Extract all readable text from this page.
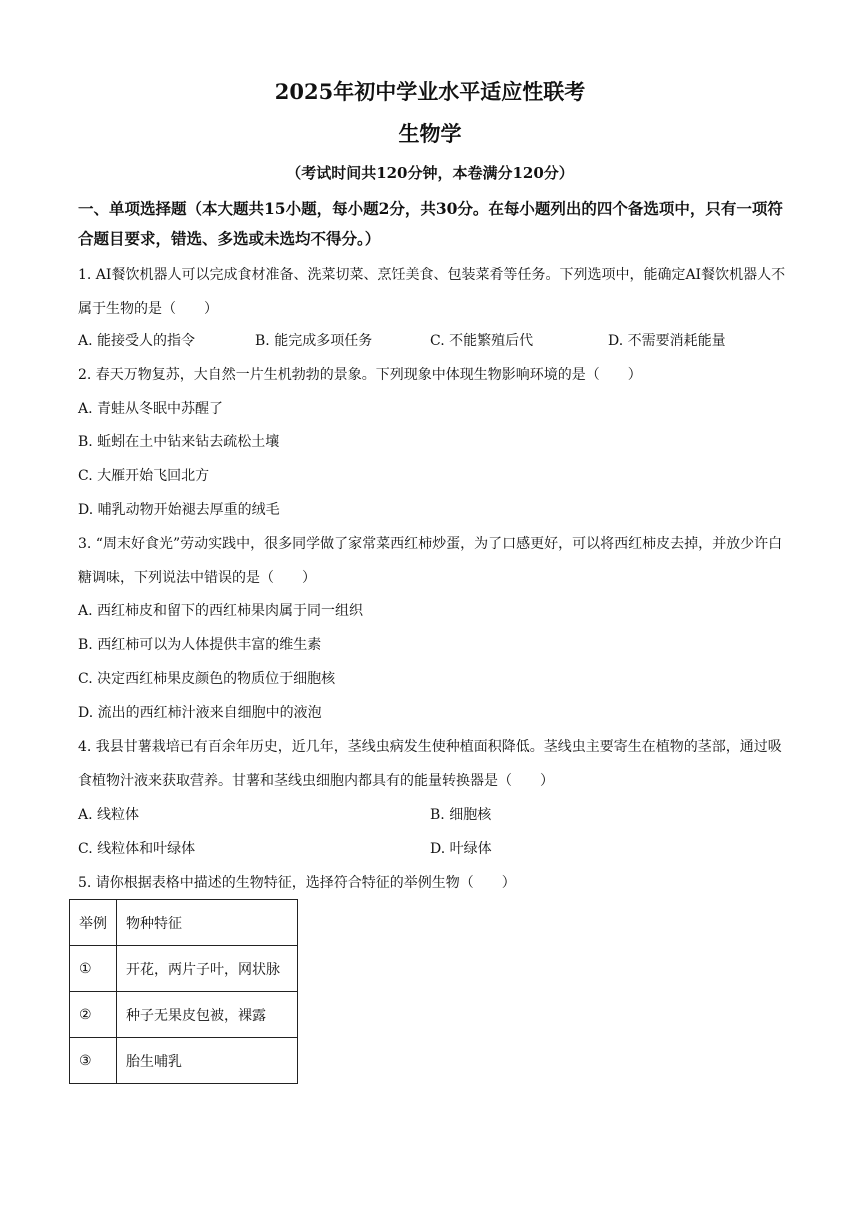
2025年初中学业水平适应性联考
生物学
（考试时间共120分钟，本卷满分120分）
一、单项选择题（本大题共15小题，每小题2分，共30分。在每小题列出的四个备选项中，只有一项符合题目要求，错选、多选或未选均不得分。）
1. AI餐饮机器人可以完成食材准备、洗菜切菜、烹饪美食、包装菜肴等任务。下列选项中，能确定AI餐饮机器人不属于生物的是（　　）
A. 能接受人的指令	B. 能完成多项任务	C. 不能繁殖后代	D. 不需要消耗能量
2. 春天万物复苏，大自然一片生机勃勃的景象。下列现象中体现生物影响环境的是（　　）
A. 青蛙从冬眠中苏醒了
B. 蚯蚓在土中钻来钻去疏松土壤
C. 大雁开始飞回北方
D. 哺乳动物开始褪去厚重的绒毛
3. “周末好食光”劳动实践中，很多同学做了家常菜西红柿炒蛋，为了口感更好，可以将西红柿皮去掉，并放少许白糖调味，下列说法中错误的是（　　）
A. 西红柿皮和留下的西红柿果肉属于同一组织
B. 西红柿可以为人体提供丰富的维生素
C. 决定西红柿果皮颜色的物质位于细胞核
D. 流出的西红柿汁液来自细胞中的液泡
4. 我县甘薯栽培已有百余年历史，近几年，茎线虫病发生使种植面积降低。茎线虫主要寄生在植物的茎部，通过吸食植物汁液来获取营养。甘薯和茎线虫细胞内都具有的能量转换器是（　　）
A. 线粒体	B. 细胞核
C. 线粒体和叶绿体	D. 叶绿体
5. 请你根据表格中描述的生物特征，选择符合特征的举例生物（　　）
举例	物种特征
①	开花，两片子叶，网状脉
②	种子无果皮包被，裸露
③	胎生哺乳
